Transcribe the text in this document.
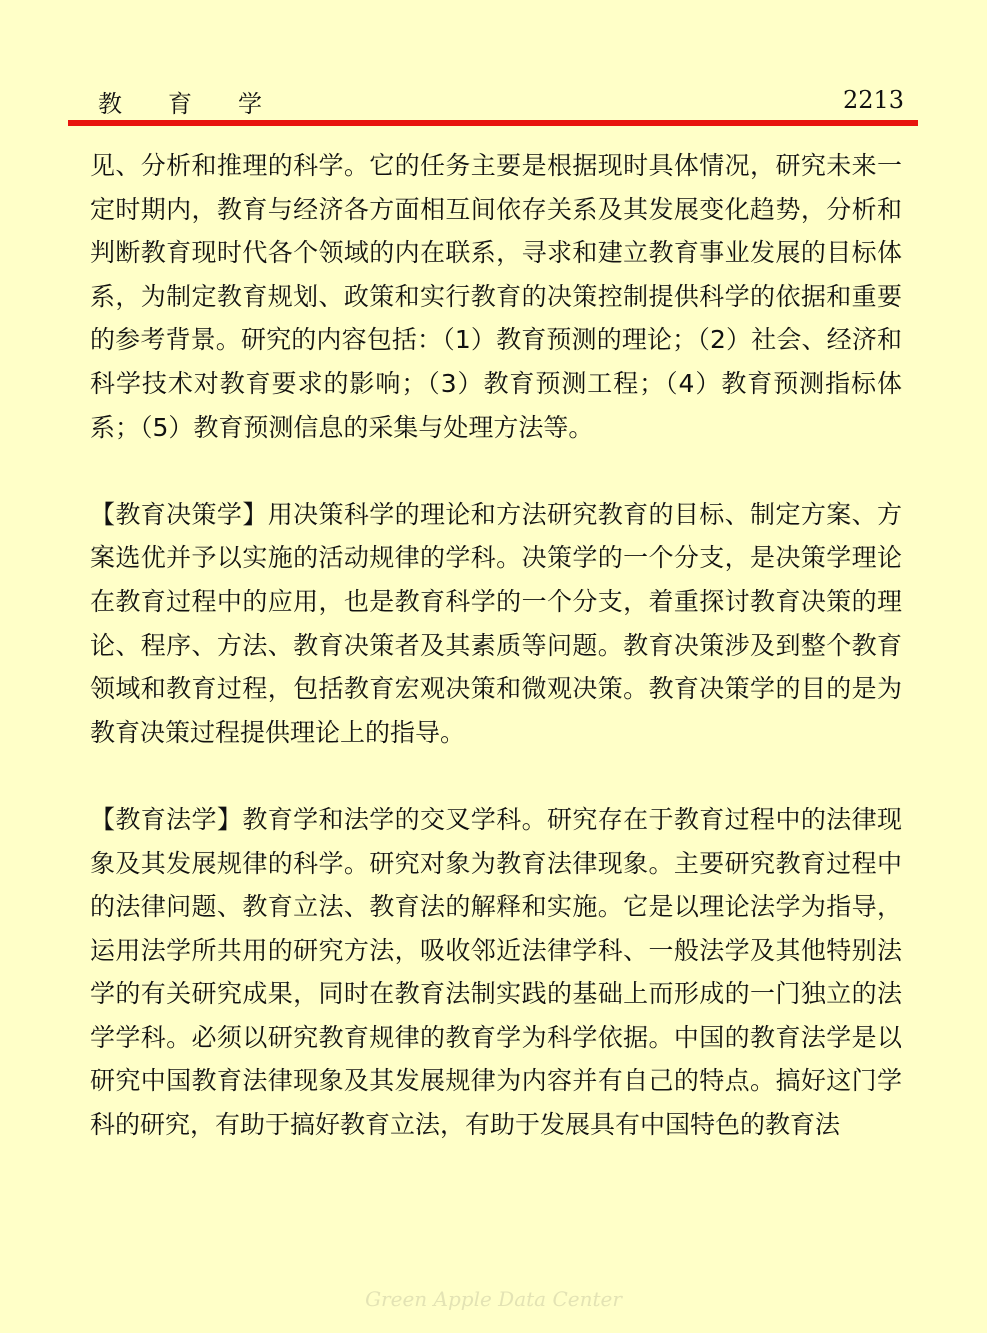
教育学	2213

见、分析和推理的科学。它的任务主要是根据现时具体情况，研究未来一定时期内，教育与经济各方面相互间依存关系及其发展变化趋势，分析和判断教育现时代各个领域的内在联系，寻求和建立教育事业发展的目标体系，为制定教育规划、政策和实行教育的决策控制提供科学的依据和重要的参考背景。研究的内容包括：（1）教育预测的理论；（2）社会、经济和科学技术对教育要求的影响；（3）教育预测工程；（4）教育预测指标体系；（5）教育预测信息的采集与处理方法等。

【教育决策学】用决策科学的理论和方法研究教育的目标、制定方案、方案选优并予以实施的活动规律的学科。决策学的一个分支，是决策学理论在教育过程中的应用，也是教育科学的一个分支，着重探讨教育决策的理论、程序、方法、教育决策者及其素质等问题。教育决策涉及到整个教育领域和教育过程，包括教育宏观决策和微观决策。教育决策学的目的是为教育决策过程提供理论上的指导。

【教育法学】教育学和法学的交叉学科。研究存在于教育过程中的法律现象及其发展规律的科学。研究对象为教育法律现象。主要研究教育过程中的法律问题、教育立法、教育法的解释和实施。它是以理论法学为指导，运用法学所共用的研究方法，吸收邻近法律学科、一般法学及其他特别法学的有关研究成果，同时在教育法制实践的基础上而形成的一门独立的法学学科。必须以研究教育规律的教育学为科学依据。中国的教育法学是以研究中国教育法律现象及其发展规律为内容并有自己的特点。搞好这门学科的研究，有助于搞好教育立法，有助于发展具有中国特色的教育法

Green Apple Data Center
